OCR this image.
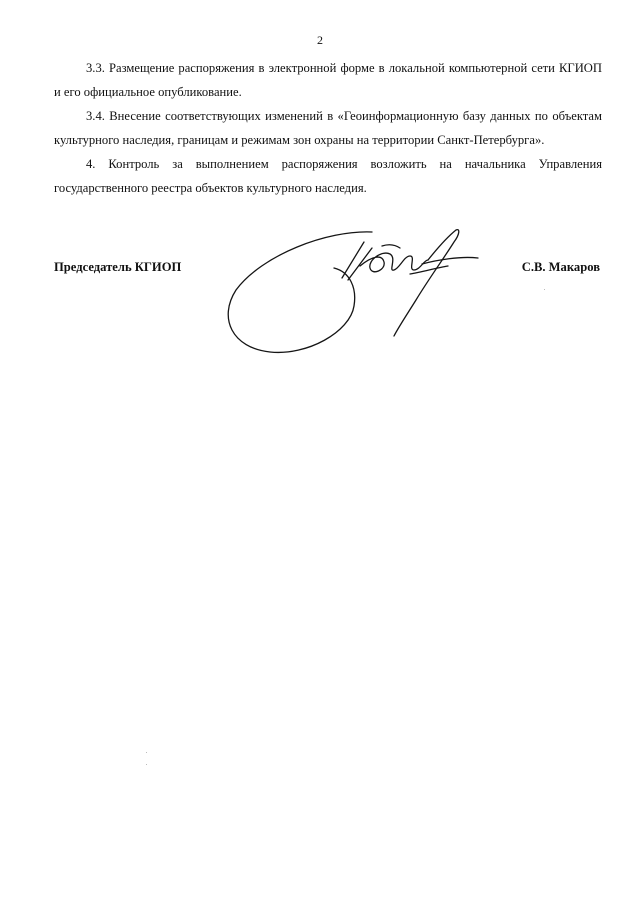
2

3.3. Размещение распоряжения в электронной форме в локальной компьютерной сети КГИОП и его официальное опубликование.

3.4. Внесение соответствующих изменений в «Геоинформационную базу данных по объектам культурного наследия, границам и режимам зон охраны на территории Санкт-Петербурга».

4. Контроль за выполнением распоряжения возложить на начальника Управления государственного реестра объектов культурного наследия.

Председатель КГИОП	С.В. Макаров
